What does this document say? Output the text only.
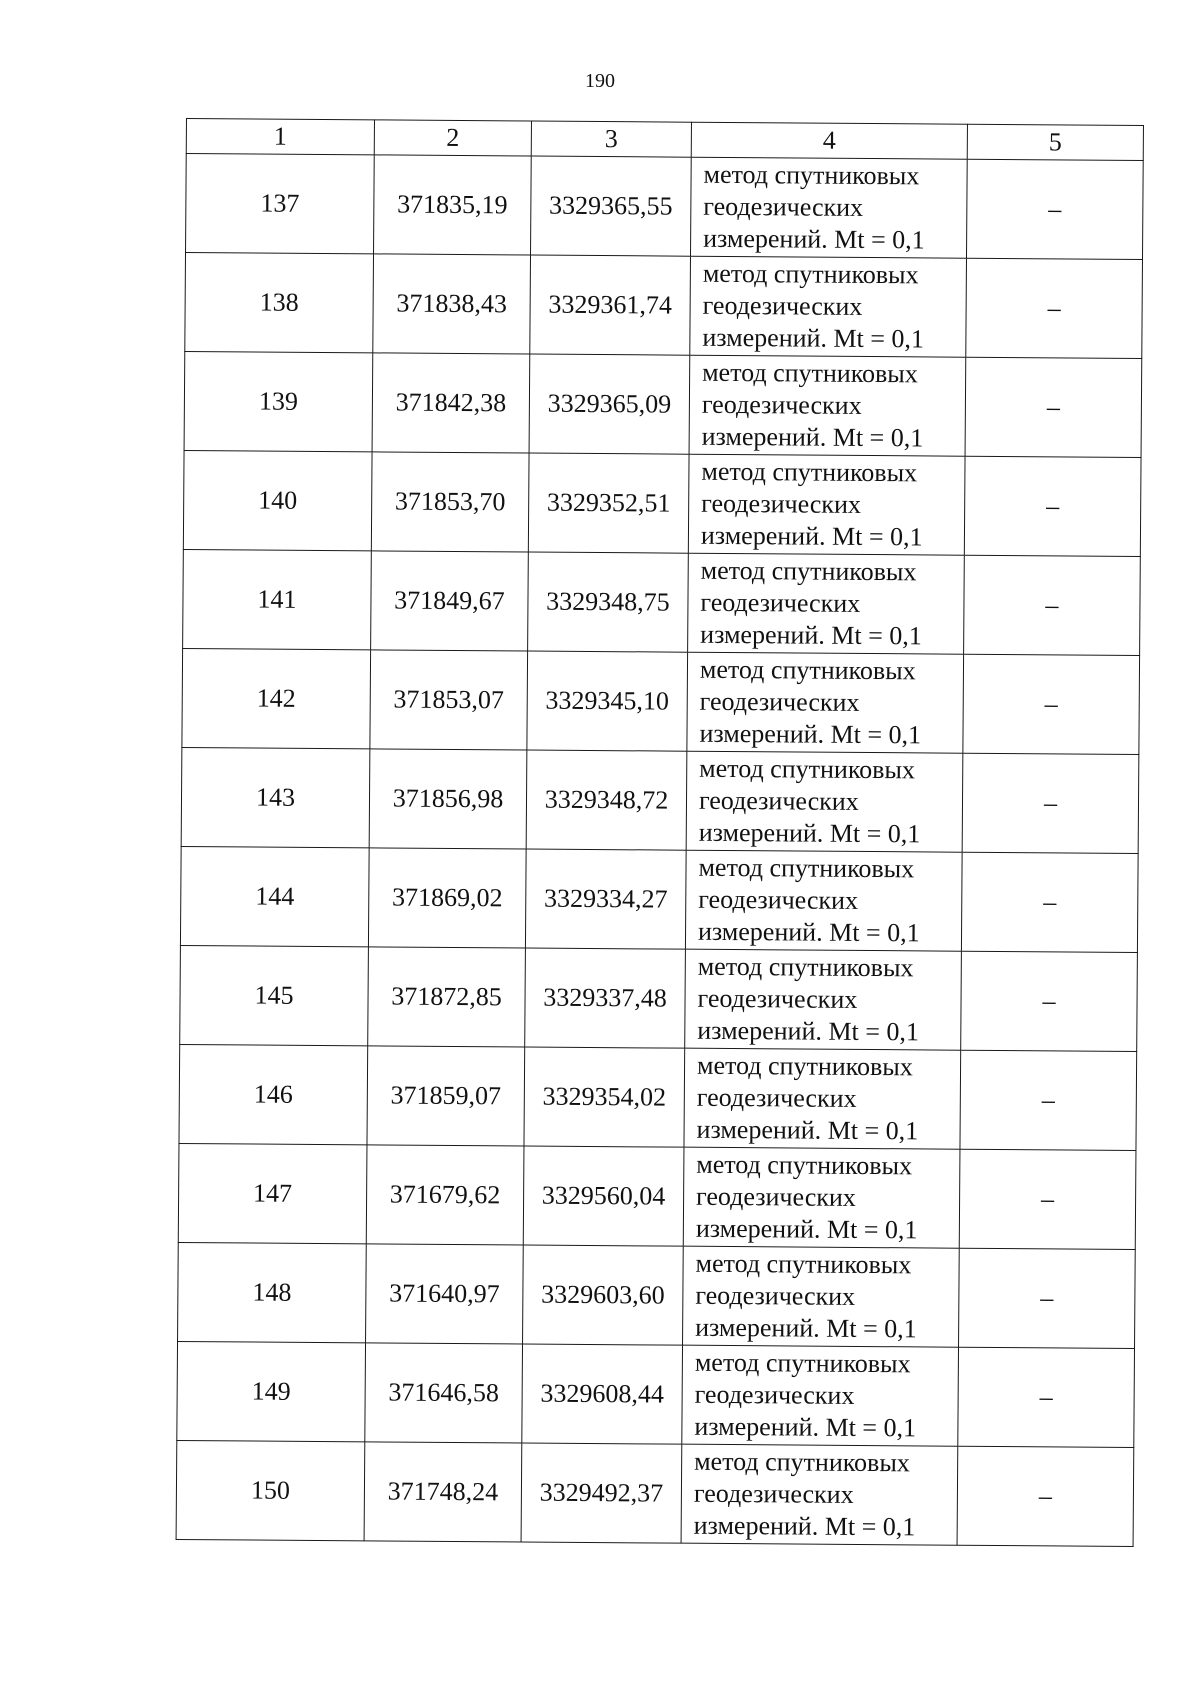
190
1	2	3	4	5
137	371835,19	3329365,55	метод спутниковых
геодезических
измерений. Mt = 0,1	–
138	371838,43	3329361,74	метод спутниковых
геодезических
измерений. Mt = 0,1	–
139	371842,38	3329365,09	метод спутниковых
геодезических
измерений. Mt = 0,1	–
140	371853,70	3329352,51	метод спутниковых
геодезических
измерений. Mt = 0,1	–
141	371849,67	3329348,75	метод спутниковых
геодезических
измерений. Mt = 0,1	–
142	371853,07	3329345,10	метод спутниковых
геодезических
измерений. Mt = 0,1	–
143	371856,98	3329348,72	метод спутниковых
геодезических
измерений. Mt = 0,1	–
144	371869,02	3329334,27	метод спутниковых
геодезических
измерений. Mt = 0,1	–
145	371872,85	3329337,48	метод спутниковых
геодезических
измерений. Mt = 0,1	–
146	371859,07	3329354,02	метод спутниковых
геодезических
измерений. Mt = 0,1	–
147	371679,62	3329560,04	метод спутниковых
геодезических
измерений. Mt = 0,1	–
148	371640,97	3329603,60	метод спутниковых
геодезических
измерений. Mt = 0,1	–
149	371646,58	3329608,44	метод спутниковых
геодезических
измерений. Mt = 0,1	–
150	371748,24	3329492,37	метод спутниковых
геодезических
измерений. Mt = 0,1	–
